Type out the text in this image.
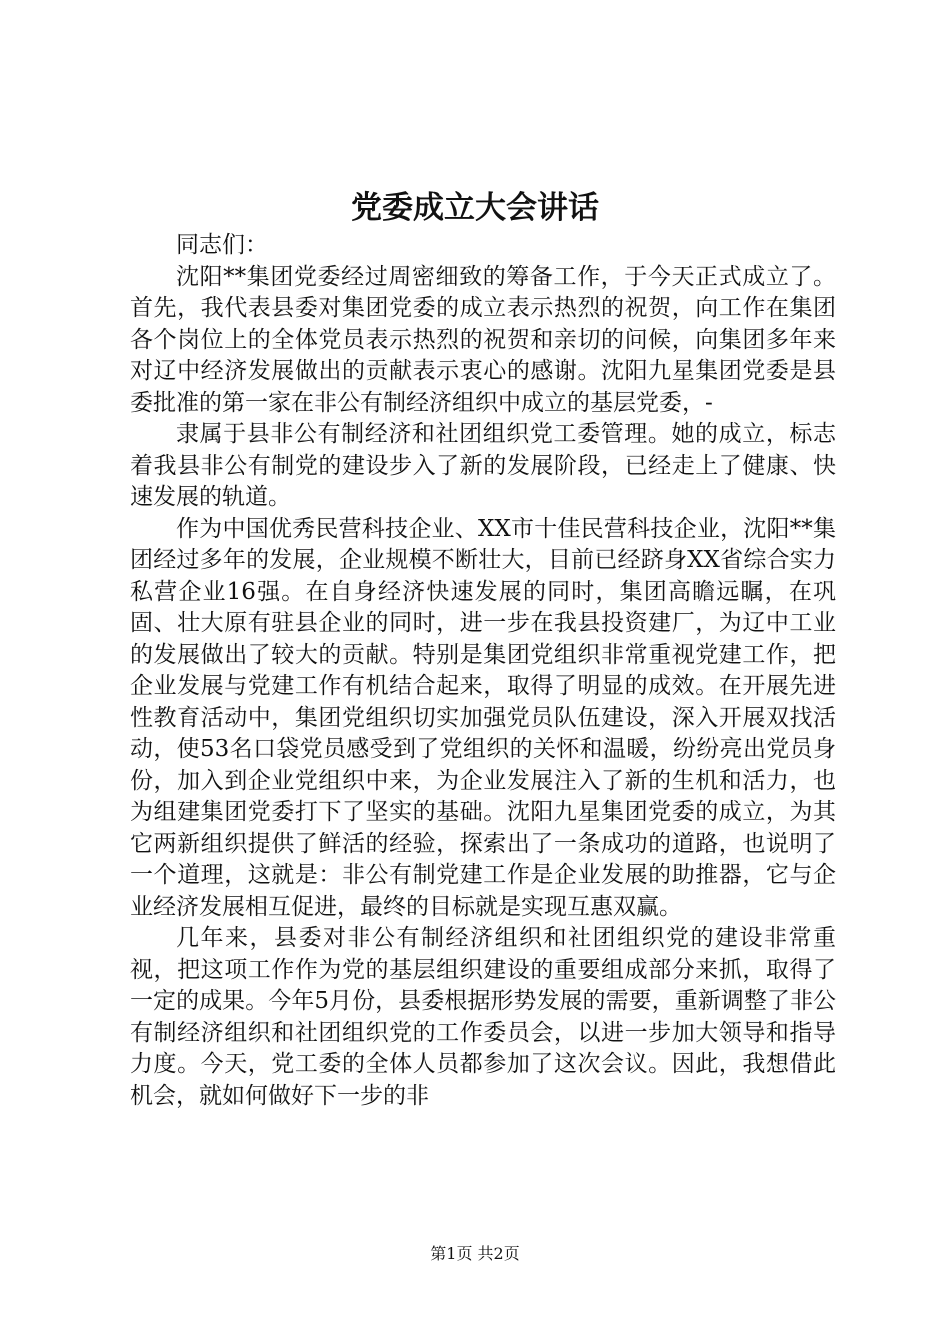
党委成立大会讲话

同志们：

沈阳**集团党委经过周密细致的筹备工作，于今天正式成立了。首先，我代表县委对集团党委的成立表示热烈的祝贺，向工作在集团各个岗位上的全体党员表示热烈的祝贺和亲切的问候，向集团多年来对辽中经济发展做出的贡献表示衷心的感谢。沈阳九星集团党委是县委批准的第一家在非公有制经济组织中成立的基层党委，-

隶属于县非公有制经济和社团组织党工委管理。她的成立，标志着我县非公有制党的建设步入了新的发展阶段，已经走上了健康、快速发展的轨道。

作为中国优秀民营科技企业、XX市十佳民营科技企业，沈阳**集团经过多年的发展，企业规模不断壮大，目前已经跻身XX省综合实力私营企业16强。在自身经济快速发展的同时，集团高瞻远瞩，在巩固、壮大原有驻县企业的同时，进一步在我县投资建厂，为辽中工业的发展做出了较大的贡献。特别是集团党组织非常重视党建工作，把企业发展与党建工作有机结合起来，取得了明显的成效。在开展先进性教育活动中，集团党组织切实加强党员队伍建设，深入开展双找活动，使53名口袋党员感受到了党组织的关怀和温暖，纷纷亮出党员身份，加入到企业党组织中来，为企业发展注入了新的生机和活力，也为组建集团党委打下了坚实的基础。沈阳九星集团党委的成立，为其它两新组织提供了鲜活的经验，探索出了一条成功的道路，也说明了一个道理，这就是：非公有制党建工作是企业发展的助推器，它与企业经济发展相互促进，最终的目标就是实现互惠双赢。

几年来，县委对非公有制经济组织和社团组织党的建设非常重视，把这项工作作为党的基层组织建设的重要组成部分来抓，取得了一定的成果。今年5月份，县委根据形势发展的需要，重新调整了非公有制经济组织和社团组织党的工作委员会，以进一步加大领导和指导力度。今天，党工委的全体人员都参加了这次会议。因此，我想借此机会，就如何做好下一步的非

第1页 共2页
